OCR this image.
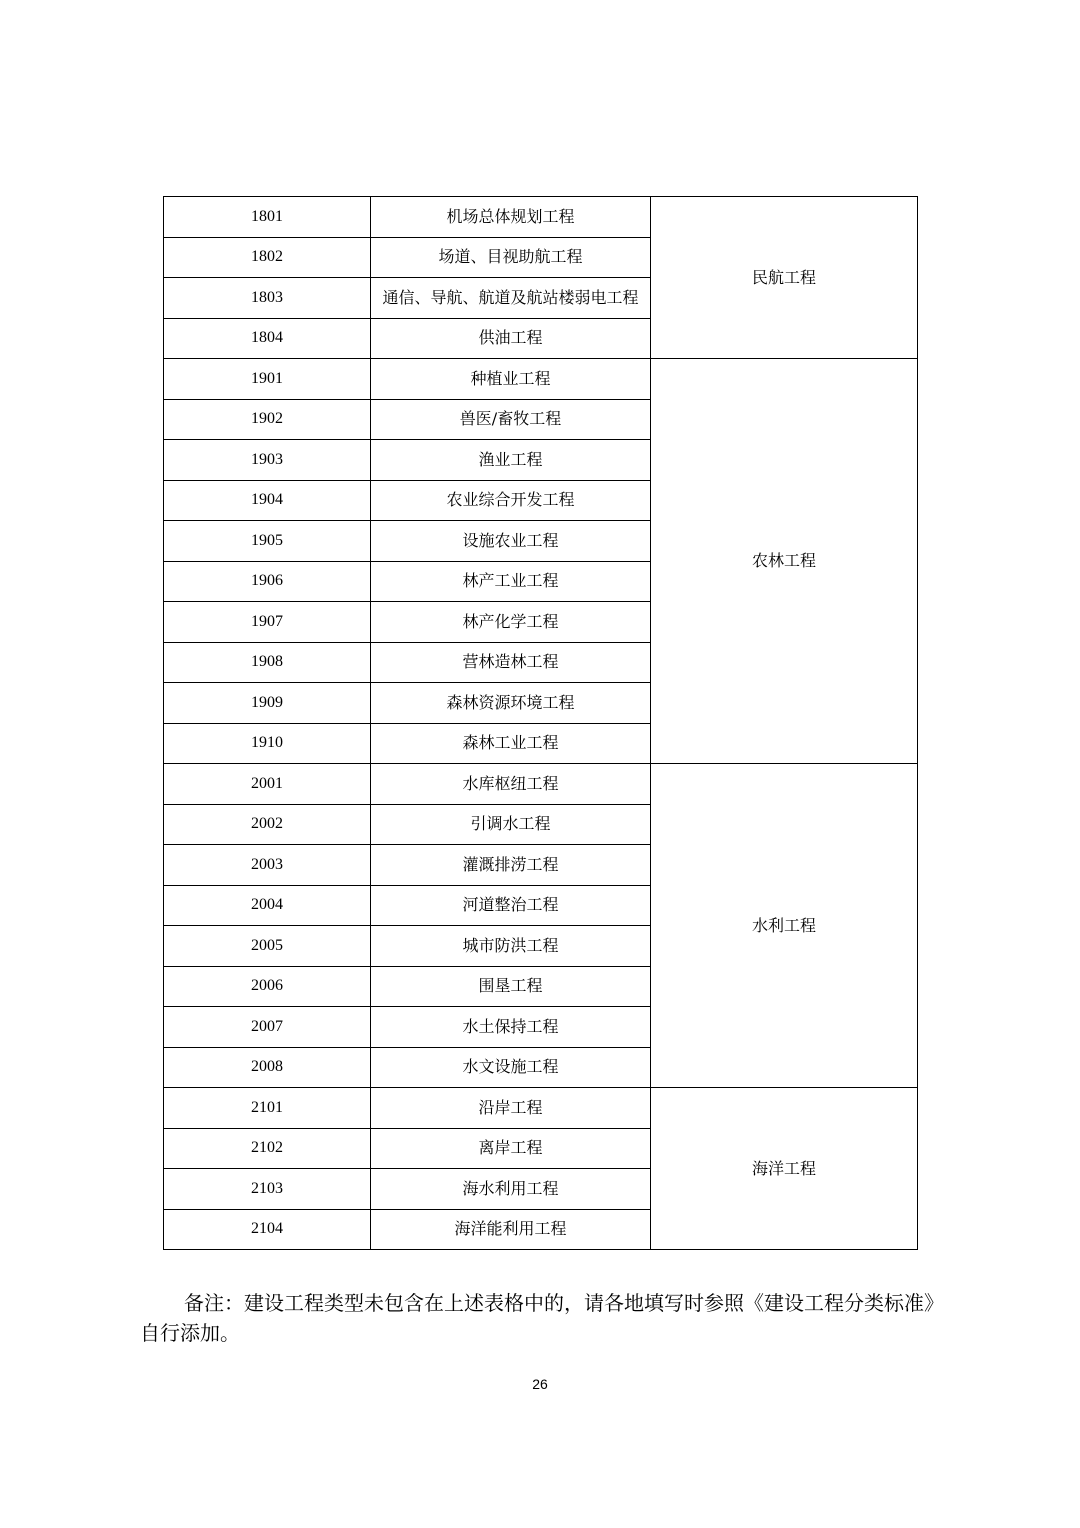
1801	机场总体规划工程	民航工程
1802	场道、目视助航工程	
1803	通信、导航、航道及航站楼弱电工程	
1804	供油工程	
1901	种植业工程	农林工程
1902	兽医/畜牧工程	
1903	渔业工程	
1904	农业综合开发工程	
1905	设施农业工程	
1906	林产工业工程	
1907	林产化学工程	
1908	营林造林工程	
1909	森林资源环境工程	
1910	森林工业工程	
2001	水库枢纽工程	水利工程
2002	引调水工程	
2003	灌溉排涝工程	
2004	河道整治工程	
2005	城市防洪工程	
2006	围垦工程	
2007	水土保持工程	
2008	水文设施工程	
2101	沿岸工程	海洋工程
2102	离岸工程	
2103	海水利用工程	
2104	海洋能利用工程	

备注：建设工程类型未包含在上述表格中的，请各地填写时参照《建设工程分类标准》自行添加。

26
